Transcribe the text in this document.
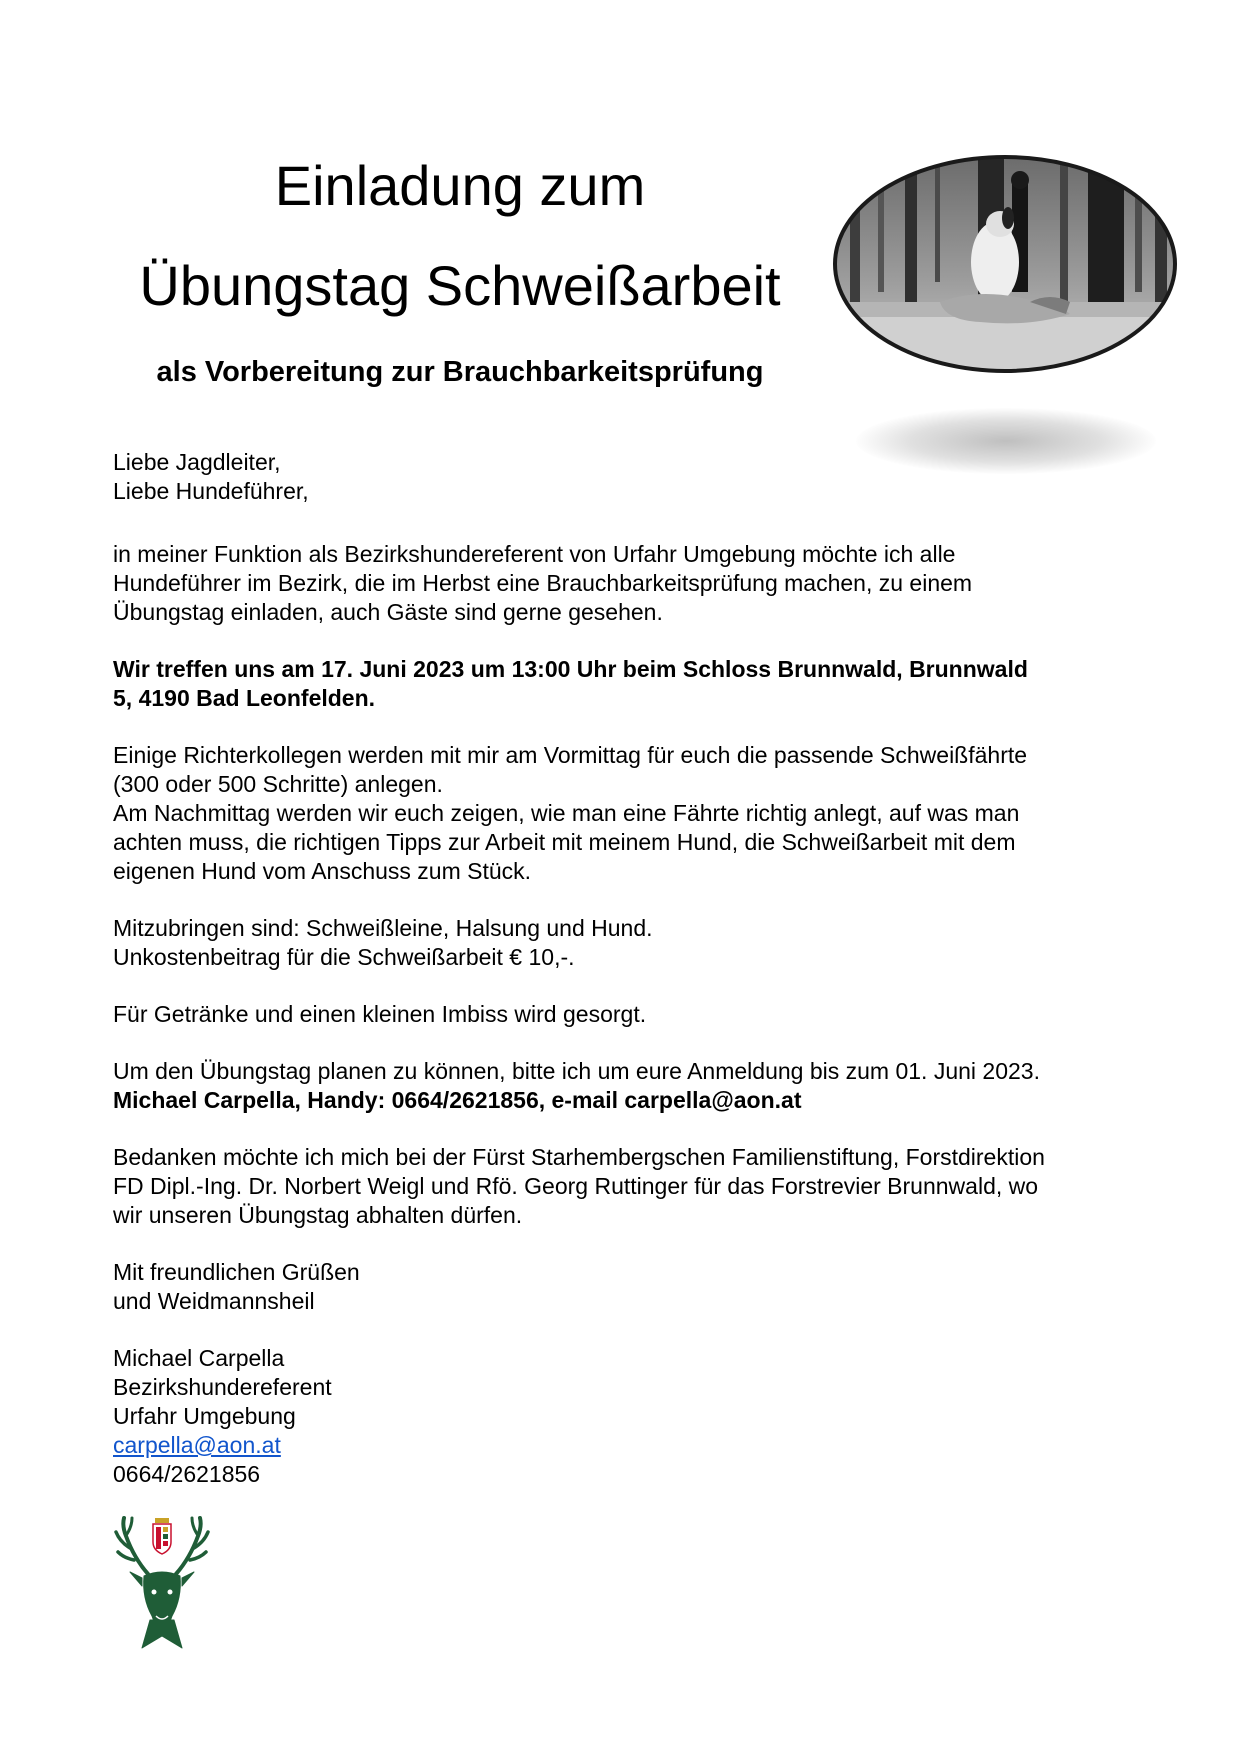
Einladung zum
Übungstag Schweißarbeit
als Vorbereitung zur Brauchbarkeitsprüfung

Liebe Jagdleiter,

Liebe Hundeführer,

in meiner Funktion als Bezirkshundereferent von Urfahr Umgebung möchte ich alle

Hundeführer im Bezirk, die im Herbst eine Brauchbarkeitsprüfung machen, zu einem

Übungstag einladen, auch Gäste sind gerne gesehen.

Wir treffen uns am 17. Juni 2023 um 13:00 Uhr beim Schloss Brunnwald, Brunnwald

5, 4190 Bad Leonfelden.

Einige Richterkollegen werden mit mir am Vormittag für euch die passende Schweißfährte

(300 oder 500 Schritte) anlegen.

Am Nachmittag werden wir euch zeigen, wie man eine Fährte richtig anlegt, auf was man

achten muss, die richtigen Tipps zur Arbeit mit meinem Hund, die Schweißarbeit mit dem

eigenen Hund vom Anschuss zum Stück.

Mitzubringen sind: Schweißleine, Halsung und Hund.

Unkostenbeitrag für die Schweißarbeit € 10,-.

Für Getränke und einen kleinen Imbiss wird gesorgt.

Um den Übungstag planen zu können, bitte ich um eure Anmeldung bis zum 01. Juni 2023.

Michael Carpella, Handy: 0664/2621856, e-mail carpella@aon.at

Bedanken möchte ich mich bei der Fürst Starhembergschen Familienstiftung, Forstdirektion

FD Dipl.-Ing. Dr. Norbert Weigl und Rfö. Georg Ruttinger für das Forstrevier Brunnwald, wo

wir unseren Übungstag abhalten dürfen.

Mit freundlichen Grüßen

und Weidmannsheil

Michael Carpella

Bezirkshundereferent

Urfahr Umgebung

carpella@aon.at

0664/2621856
